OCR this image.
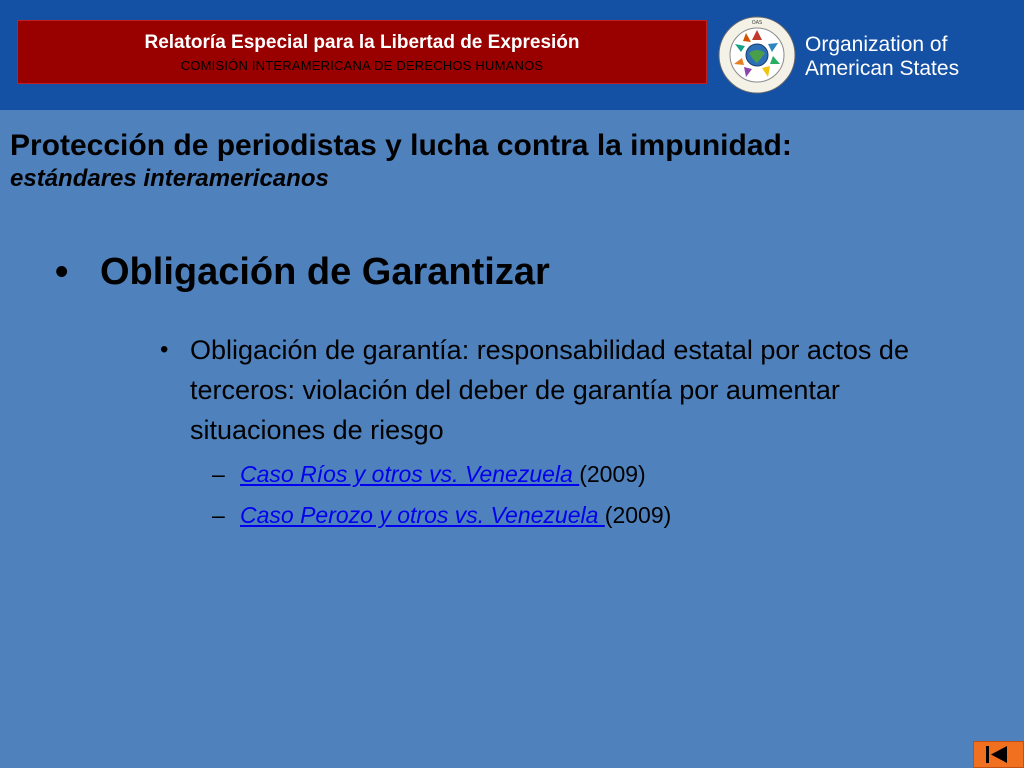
Relatoría Especial para la Libertad de Expresión
COMISIÓN INTERAMERICANA DE DERECHOS HUMANOS
OAS
Organization of
American States
Protección de periodistas y lucha contra la impunidad:
estándares interamericanos
• Obligación de Garantizar
• Obligación de garantía: responsabilidad estatal por actos de terceros: violación del deber de garantía por aumentar situaciones de riesgo
– Caso Ríos y otros vs. Venezuela (2009)
– Caso Perozo y otros vs. Venezuela (2009)
